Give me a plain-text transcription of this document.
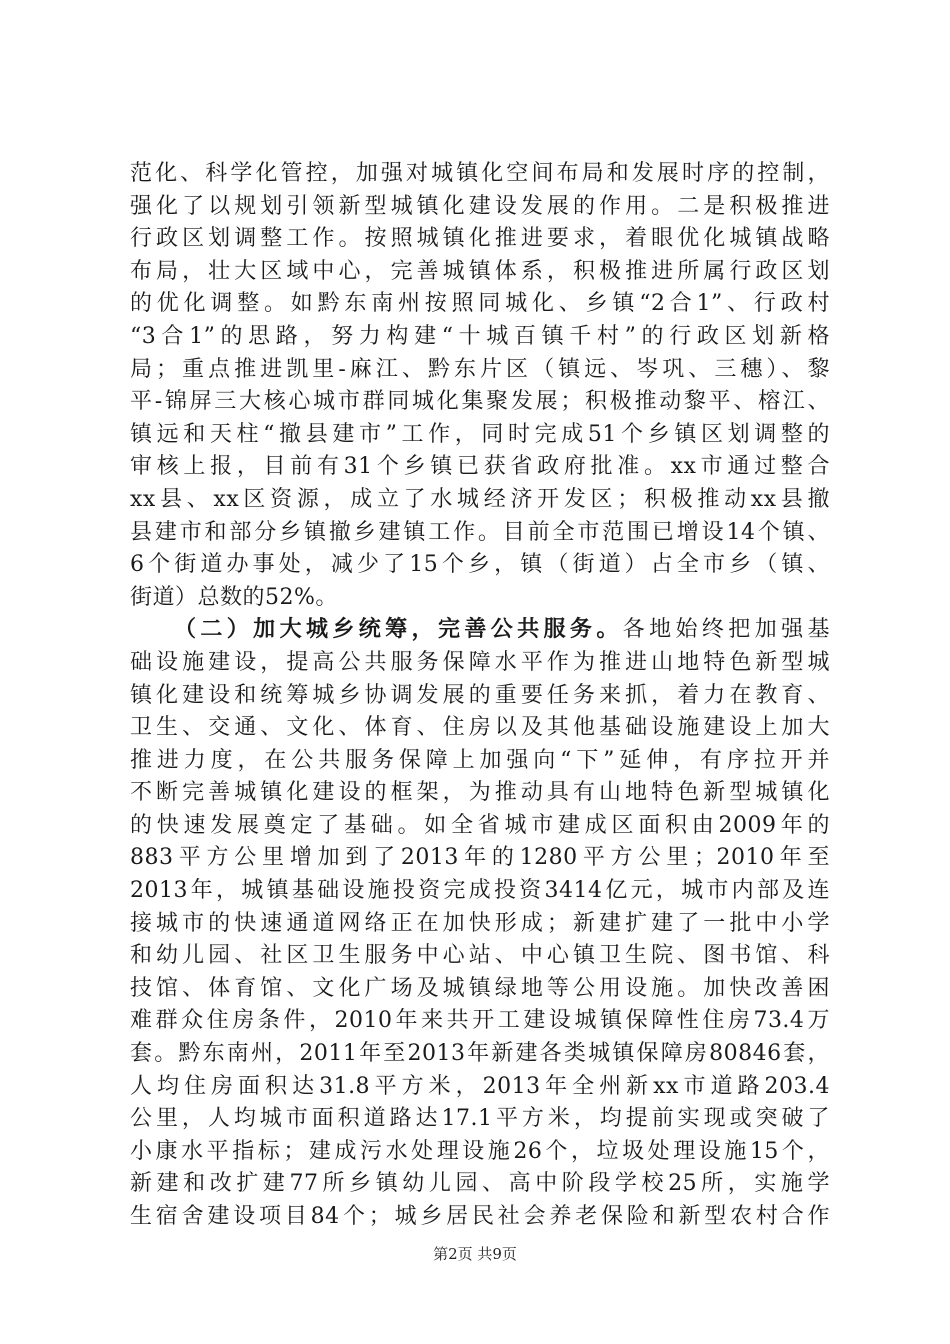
范化、科学化管控，加强对城镇化空间布局和发展时序的控制，
强化了以规划引领新型城镇化建设发展的作用。二是积极推进
行政区划调整工作。按照城镇化推进要求，着眼优化城镇战略
布局，壮大区域中心，完善城镇体系，积极推进所属行政区划
的优化调整。如黔东南州按照同城化、乡镇“2合1”、行政村
“3合1”的思路，努力构建“十城百镇千村”的行政区划新格
局；重点推进凯里-麻江、黔东片区（镇远、岑巩、三穗）、黎
平-锦屏三大核心城市群同城化集聚发展；积极推动黎平、榕江、
镇远和天柱“撤县建市”工作，同时完成51个乡镇区划调整的
审核上报，目前有31个乡镇已获省政府批准。xx市通过整合
xx县、xx区资源，成立了水城经济开发区；积极推动xx县撤
县建市和部分乡镇撤乡建镇工作。目前全市范围已增设14个镇、
6个街道办事处，减少了15个乡，镇（街道）占全市乡（镇、
街道）总数的52%。
（二）加大城乡统筹，完善公共服务。各地始终把加强基
础设施建设，提高公共服务保障水平作为推进山地特色新型城
镇化建设和统筹城乡协调发展的重要任务来抓，着力在教育、
卫生、交通、文化、体育、住房以及其他基础设施建设上加大
推进力度，在公共服务保障上加强向“下”延伸，有序拉开并
不断完善城镇化建设的框架，为推动具有山地特色新型城镇化
的快速发展奠定了基础。如全省城市建成区面积由2009年的
883平方公里增加到了2013年的1280平方公里；2010年至
2013年，城镇基础设施投资完成投资3414亿元，城市内部及连
接城市的快速通道网络正在加快形成；新建扩建了一批中小学
和幼儿园、社区卫生服务中心站、中心镇卫生院、图书馆、科
技馆、体育馆、文化广场及城镇绿地等公用设施。加快改善困
难群众住房条件，2010年来共开工建设城镇保障性住房73.4万
套。黔东南州，2011年至2013年新建各类城镇保障房80846套，
人均住房面积达31.8平方米，2013年全州新xx市道路203.4
公里，人均城市面积道路达17.1平方米，均提前实现或突破了
小康水平指标；建成污水处理设施26个，垃圾处理设施15个，
新建和改扩建77所乡镇幼儿园、高中阶段学校25所，实施学
生宿舍建设项目84个；城乡居民社会养老保险和新型农村合作
第2页 共9页
